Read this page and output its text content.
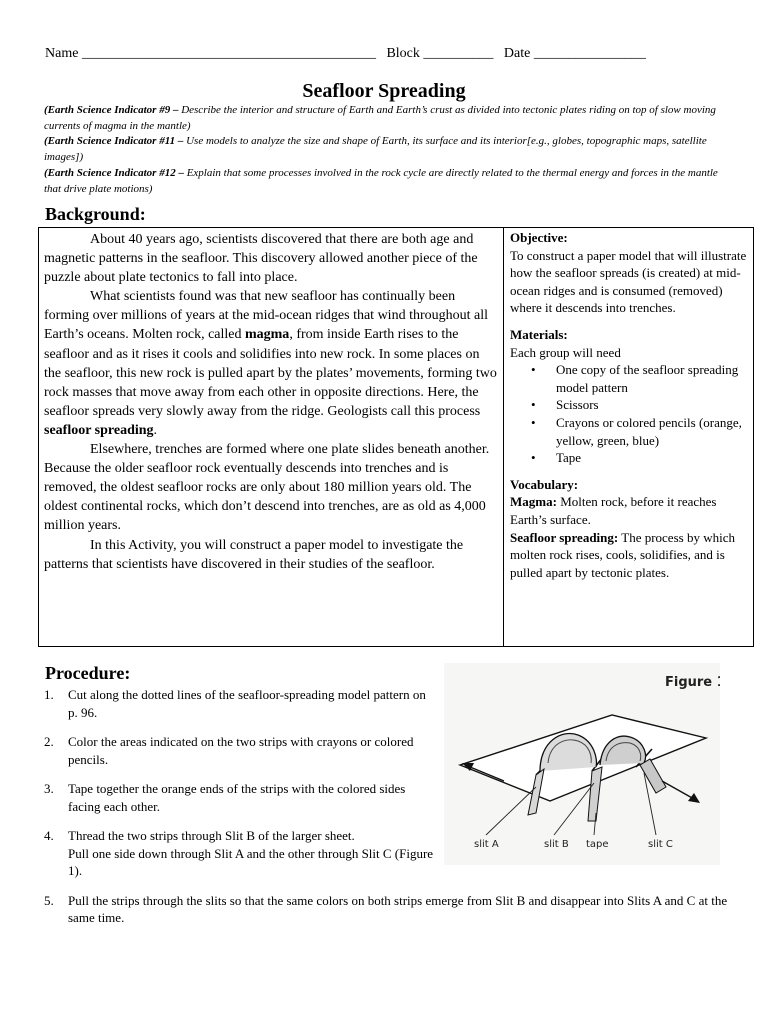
Name __________________________________________ Block __________ Date ________________
Seafloor Spreading
(Earth Science Indicator #9 – Describe the interior and structure of Earth and Earth’s crust as divided into tectonic plates riding on top of slow moving currents of magma in the mantle)
(Earth Science Indicator #11 – Use models to analyze the size and shape of Earth, its surface and its interior[e.g., globes, topographic maps, satellite images])
(Earth Science Indicator #12 – Explain that some processes involved in the rock cycle are directly related to the thermal energy and forces in the mantle that drive plate motions)
Background:

About 40 years ago, scientists discovered that there are both age and magnetic patterns in the seafloor. This discovery allowed another piece of the puzzle about plate tectonics to fall into place.

What scientists found was that new seafloor has continually been forming over millions of years at the mid-ocean ridges that wind throughout all Earth’s oceans. Molten rock, called magma, from inside Earth rises to the seafloor and as it rises it cools and solidifies into new rock. In some places on the seafloor, this new rock is pulled apart by the plates’ movements, forming two rock masses that move away from each other in opposite directions. Here, the seafloor spreads very slowly away from the ridge. Geologists call this process seafloor spreading.

Elsewhere, trenches are formed where one plate slides beneath another. Because the older seafloor rock eventually descends into trenches and is removed, the oldest seafloor rocks are only about 180 million years old. The oldest continental rocks, which don’t descend into trenches, are as old as 4,000 million years.

In this Activity, you will construct a paper model to investigate the patterns that scientists have discovered in their studies of the seafloor.

Objective:
To construct a paper model that will illustrate how the seafloor spreads (is created) at mid-ocean ridges and is consumed (removed) where it descends into trenches.
Materials:
Each group will need
• One copy of the seafloor spreading model pattern
• Scissors
• Crayons or colored pencils (orange, yellow, green, blue)
• Tape
Vocabulary:
Magma: Molten rock, before it reaches Earth’s surface.
Seafloor spreading: The process by which molten rock rises, cools, solidifies, and is pulled apart by tectonic plates.
Procedure:
1. Cut along the dotted lines of the seafloor-spreading model pattern on p. 96.
2. Color the areas indicated on the two strips with crayons or colored pencils.
3. Tape together the orange ends of the strips with the colored sides facing each other.
4. Thread the two strips through Slit B of the larger sheet.
Pull one side down through Slit A and the other through Slit C (Figure 1).
5. Pull the strips through the slits so that the same colors on both strips emerge from Slit B and disappear into Slits A and C at the same time.
Figure 1
slit A	slit B tape	slit C
